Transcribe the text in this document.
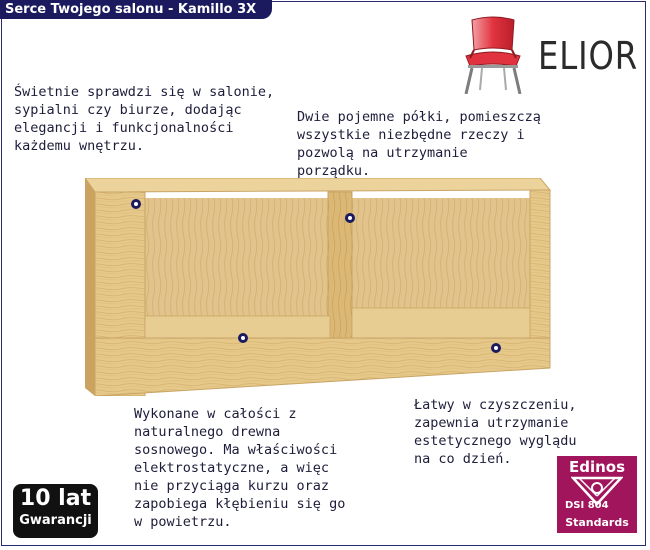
Serce Twojego salonu - Kamillo 3X
ELIOR

Świetnie sprawdzi się w salonie,
sypialni czy biurze, dodając
elegancji i funkcjonalności
każdemu wnętrzu.

Dwie pojemne półki, pomieszczą
wszystkie niezbędne rzeczy i
pozwolą na utrzymanie
porządku.

Wykonane w całości z
naturalnego drewna
sosnowego. Ma właściwości
elektrostatyczne, a więc
nie przyciąga kurzu oraz
zapobiega kłębieniu się go
w powietrzu.

Łatwy w czyszczeniu,
zapewnia utrzymanie
estetycznego wyglądu
na co dzień.

10 lat
Gwarancji
Edinos
DSI 804
Standards
